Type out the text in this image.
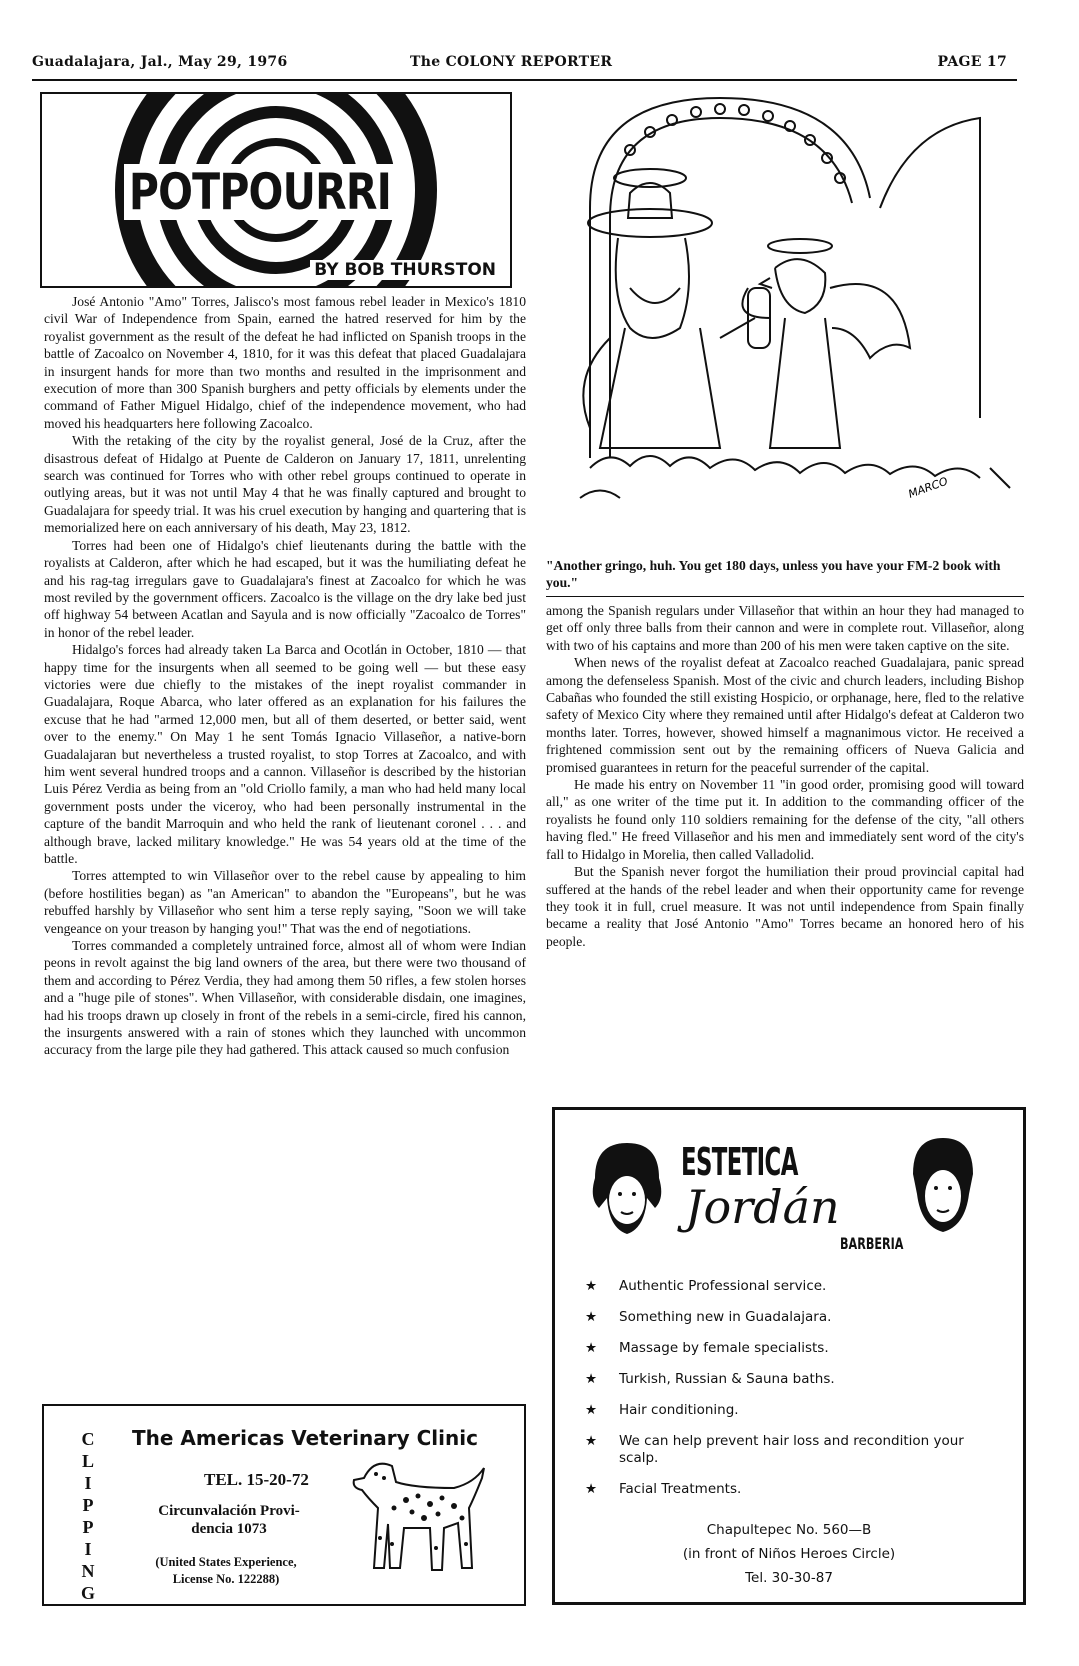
Guadalajara, Jal., May 29, 1976	The COLONY REPORTER	PAGE 17
POTPOURRI
BY BOB THURSTON

José Antonio "Amo" Torres, Jalisco's most famous rebel leader in Mexico's 1810 civil War of Independence from Spain, earned the hatred reserved for him by the royalist government as the result of the defeat he had inflicted on Spanish troops in the battle of Zacoalco on November 4, 1810, for it was this defeat that placed Guadalajara in insurgent hands for more than two months and resulted in the imprisonment and execution of more than 300 Spanish burghers and petty officials by elements under the command of Father Miguel Hidalgo, chief of the independence movement, who had moved his headquarters here following Zacoalco.

With the retaking of the city by the royalist general, José de la Cruz, after the disastrous defeat of Hidalgo at Puente de Calderon on January 17, 1811, unrelenting search was continued for Torres who with other rebel groups continued to operate in outlying areas, but it was not until May 4 that he was finally captured and brought to Guadalajara for speedy trial. It was his cruel execution by hanging and quartering that is memorialized here on each anniversary of his death, May 23, 1812.

Torres had been one of Hidalgo's chief lieutenants during the battle with the royalists at Calderon, after which he had escaped, but it was the humiliating defeat he and his rag-tag irregulars gave to Guadalajara's finest at Zacoalco for which he was most reviled by the government officers. Zacoalco is the village on the dry lake bed just off highway 54 between Acatlan and Sayula and is now officially "Zacoalco de Torres" in honor of the rebel leader.

Hidalgo's forces had already taken La Barca and Ocotlán in October, 1810 — that happy time for the insurgents when all seemed to be going well — but these easy victories were due chiefly to the mistakes of the inept royalist commander in Guadalajara, Roque Abarca, who later offered as an explanation for his failures the excuse that he had "armed 12,000 men, but all of them deserted, or better said, went over to the enemy." On May 1 he sent Tomás Ignacio Villaseñor, a native-born Guadalajaran but nevertheless a trusted royalist, to stop Torres at Zacoalco, and with him went several hundred troops and a cannon. Villaseñor is described by the historian Luis Pérez Verdia as being from an "old Criollo family, a man who had held many local government posts under the viceroy, who had been personally instrumental in the capture of the bandit Marroquin and who held the rank of lieutenant coronel . . . and although brave, lacked military knowledge." He was 54 years old at the time of the battle.

Torres attempted to win Villaseñor over to the rebel cause by appealing to him (before hostilities began) as "an American" to abandon the "Europeans", but he was rebuffed harshly by Villaseñor who sent him a terse reply saying, "Soon we will take vengeance on your treason by hanging you!" That was the end of negotiations.

Torres commanded a completely untrained force, almost all of whom were Indian peons in revolt against the big land owners of the area, but there were two thousand of them and according to Pérez Verdia, they had among them 50 rifles, a few stolen horses and a "huge pile of stones". When Villaseñor, with considerable disdain, one imagines, had his troops drawn up closely in front of the rebels in a semi-circle, fired his cannon, the insurgents answered with a rain of stones which they launched with uncommon accuracy from the large pile they had gathered. This attack caused so much confusion

MARCO
"Another gringo, huh. You get 180 days, unless you have your FM-2 book with you."

among the Spanish regulars under Villaseñor that within an hour they had managed to get off only three balls from their cannon and were in complete rout. Villaseñor, along with two of his captains and more than 200 of his men were taken captive on the site.

When news of the royalist defeat at Zacoalco reached Guadalajara, panic spread among the defenseless Spanish. Most of the civic and church leaders, including Bishop Cabañas who founded the still existing Hospicio, or orphanage, here, fled to the relative safety of Mexico City where they remained until after Hidalgo's defeat at Calderon two months later. Torres, however, showed himself a magnanimous victor. He received a frightened commission sent out by the remaining officers of Nueva Galicia and promised guarantees in return for the peaceful surrender of the capital.

He made his entry on November 11 "in good order, promising good will toward all," as one writer of the time put it. In addition to the commanding officer of the royalists he found only 110 soldiers remaining for the defense of the city, "all others having fled." He freed Villaseñor and his men and immediately sent word of the city's fall to Hidalgo in Morelia, then called Valladolid.

But the Spanish never forgot the humiliation their proud provincial capital had suffered at the hands of the rebel leader and when their opportunity came for revenge they took it in full, cruel measure. It was not until independence from Spain finally became a reality that José Antonio "Amo" Torres became an honored hero of his people.

C
L
I
P
P
I
N
G
The Americas Veterinary Clinic
TEL. 15-20-72
Circunvalación Provi-
dencia 1073
(United States Experience,
License No. 122288)
ESTETICA
Jordán
BARBERIA
★ Authentic Professional service.
★ Something new in Guadalajara.
★ Massage by female specialists.
★ Turkish, Russian & Sauna baths.
★ Hair conditioning.
★ We can help prevent hair loss and recondition your scalp.
★ Facial Treatments.
Chapultepec No. 560—B
(in front of Niños Heroes Circle)
Tel. 30-30-87
